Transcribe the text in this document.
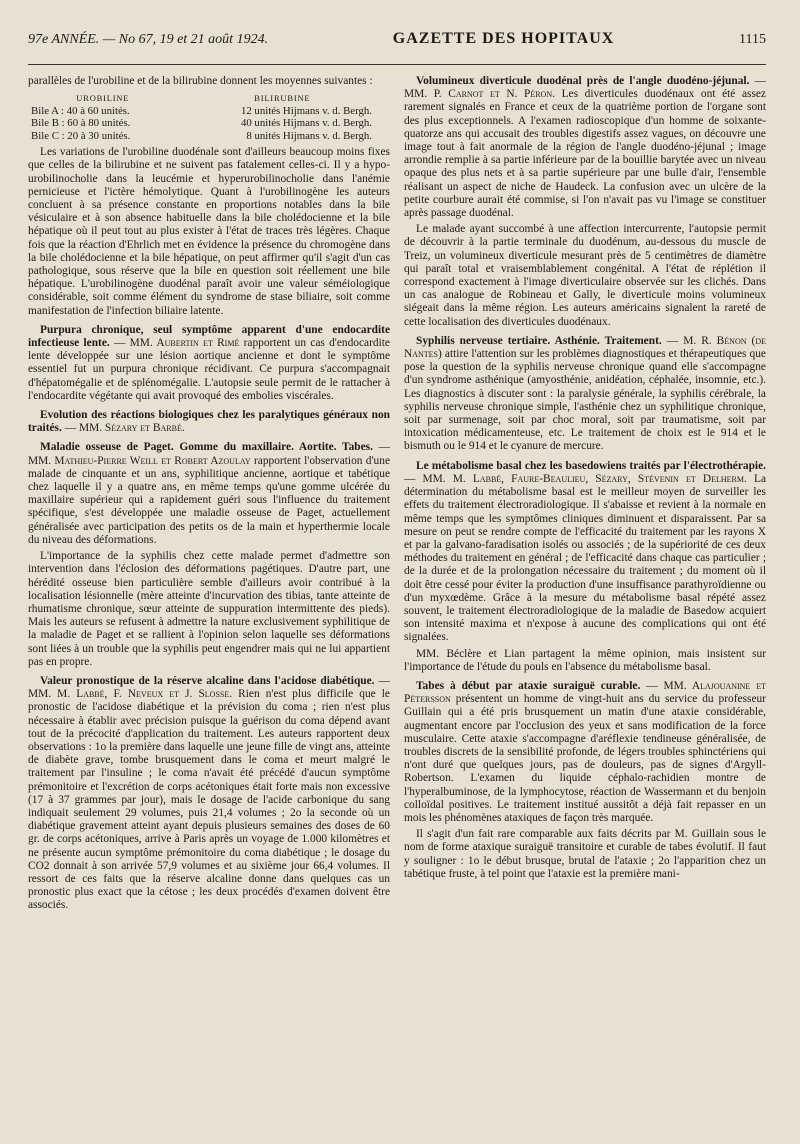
97e ANNÉE. — No 67, 19 et 21 août 1924.	GAZETTE DES HOPITAUX	1115

parallèles de l'urobiline et de la bilirubine donnent les moyennes suivantes :

UROBILINE	BILIRUBINE
Bile A : 40 à 60 unités.	12 unités Hijmans v. d. Bergh.
Bile B : 60 à 80 unités.	40 unités Hijmans v. d. Bergh.
Bile C : 20 à 30 unités.	8 unités Hijmans v. d. Bergh.

Les variations de l'urobiline duodénale sont d'ailleurs beaucoup moins fixes que celles de la bilirubine et ne suivent pas fatalement celles-ci. Il y a hypo-urobilinocholie dans la leucémie et hyperurobilinocholie dans l'anémie pernicieuse et l'ictère hémolytique. Quant à l'urobilinogène les auteurs concluent à sa présence constante en proportions notables dans la bile vésiculaire et à son absence habituelle dans la bile cholédocienne et la bile hépatique où il peut tout au plus exister à l'état de traces très légères. Chaque fois que la réaction d'Ehrlich met en évidence la présence du chromogène dans la bile cholédocienne et la bile hépatique, on peut affirmer qu'il s'agit d'un cas pathologique, sous réserve que la bile en question soit réellement une bile hépatique. L'urobilinogène duodénal paraît avoir une valeur séméiologique considérable, soit comme élément du syndrome de stase biliaire, soit comme manifestation de l'infection biliaire latente.

Purpura chronique, seul symptôme apparent d'une endocardite infectieuse lente. — MM. Aubertin et Rimé rapportent un cas d'endocardite lente développée sur une lésion aortique ancienne et dont le symptôme essentiel fut un purpura chronique récidivant. Ce purpura s'accompagnait d'hépatomégalie et de splénomégalie. L'autopsie seule permit de le rattacher à l'endocardite végétante qui avait provoqué des embolies viscérales.

Evolution des réactions biologiques chez les paralytiques généraux non traités. — MM. Sézary et Barbé.

Maladie osseuse de Paget. Gomme du maxillaire. Aortite. Tabes. — MM. Mathieu-Pierre Weill et Robert Azoulay rapportent l'observation d'une malade de cinquante et un ans, syphilitique ancienne, aortique et tabétique chez laquelle il y a quatre ans, en même temps qu'une gomme ulcérée du maxillaire supérieur qui a rapidement guéri sous l'influence du traitement spécifique, s'est développée une maladie osseuse de Paget, actuellement généralisée avec participation des petits os de la main et hyperthermie locale du niveau des déformations.

L'importance de la syphilis chez cette malade permet d'admettre son intervention dans l'éclosion des déformations pagétiques. D'autre part, une hérédité osseuse bien particulière semble d'ailleurs avoir contribué à la localisation lésionnelle (mère atteinte d'incurvation des tibias, tante atteinte de rhumatisme chronique, sœur atteinte de suppuration intermittente des pieds). Mais les auteurs se refusent à admettre la nature exclusivement syphilitique de la maladie de Paget et se rallient à l'opinion selon laquelle ses déformations sont liées à un trouble que la syphilis peut engendrer mais qui ne lui appartient pas en propre.

Valeur pronostique de la réserve alcaline dans l'acidose diabétique. — MM. M. Labbé, F. Neveux et J. Slosse. Rien n'est plus difficile que le pronostic de l'acidose diabétique et la prévision du coma ; rien n'est plus nécessaire à établir avec précision puisque la guérison du coma dépend avant tout de la précocité d'application du traitement. Les auteurs rapportent deux observations : 1o la première dans laquelle une jeune fille de vingt ans, atteinte de diabète grave, tombe brusquement dans le coma et meurt malgré le traitement par l'insuline ; le coma n'avait été précédé d'aucun symptôme prémonitoire et l'excrétion de corps acétoniques était forte mais non excessive (17 à 37 grammes par jour), mais le dosage de l'acide carbonique du sang indiquait seulement 29 volumes, puis 21,4 volumes ; 2o la seconde où un diabétique gravement atteint ayant depuis plusieurs semaines des doses de 60 gr. de corps acétoniques, arrive à Paris après un voyage de 1.000 kilomètres et ne présente aucun symptôme prémonitoire du coma diabétique ; le dosage du CO2 donnait à son arrivée 57,9 volumes et au sixième jour 66,4 volumes. Il ressort de ces faits que la réserve alcaline donne dans quelques cas un pronostic plus exact que la cétose ; les deux procédés d'examen doivent être associés.

Volumineux diverticule duodénal près de l'angle duodéno-jéjunal. — MM. P. Carnot et N. Péron. Les diverticules duodénaux ont été assez rarement signalés en France et ceux de la quatrième portion de l'organe sont des plus exceptionnels. A l'examen radioscopique d'un homme de soixante-quatorze ans qui accusait des troubles digestifs assez vagues, on découvre une image tout à fait anormale de la région de l'angle duodéno-jéjunal ; image arrondie remplie à sa partie inférieure par de la bouillie barytée avec un niveau opaque des plus nets et à sa partie supérieure par une bulle d'air, l'ensemble réalisant un aspect de niche de Haudeck. La confusion avec un ulcère de la petite courbure aurait été commise, si l'on n'avait pas vu l'image se constituer après passage duodénal.

Le malade ayant succombé à une affection intercurrente, l'autopsie permit de découvrir à la partie terminale du duodénum, au-dessous du muscle de Treiz, un volumineux diverticule mesurant près de 5 centimètres de diamètre qui paraît total et vraisemblablement congénital. A l'état de réplétion il correspond exactement à l'image diverticulaire observée sur les clichés. Dans un cas analogue de Robineau et Gally, le diverticule moins volumineux siégeait dans la même région. Les auteurs américains signalent la rareté de cette localisation des diverticules duodénaux.

Syphilis nerveuse tertiaire. Asthénie. Traitement. — M. R. Bénon (de Nantes) attire l'attention sur les problèmes diagnostiques et thérapeutiques que pose la question de la syphilis nerveuse chronique quand elle s'accompagne d'un syndrome asthénique (amyosthénie, anidéation, céphalée, insomnie, etc.). Les diagnostics à discuter sont : la paralysie générale, la syphilis cérébrale, la syphilis nerveuse chronique simple, l'asthénie chez un syphilitique chronique, soit par surmenage, soit par choc moral, soit par traumatisme, soit par intoxication médicamenteuse, etc. Le traitement de choix est le 914 et le bismuth ou le 914 et le cyanure de mercure.

Le métabolisme basal chez les basedowiens traités par l'électrothérapie. — MM. M. Labbé, Faure-Beaulieu, Sézary, Stévenin et Delherm. La détermination du métabolisme basal est le meilleur moyen de surveiller les effets du traitement électroradiologique. Il s'abaisse et revient à la normale en même temps que les symptômes cliniques diminuent et disparaissent. Par sa mesure on peut se rendre compte de l'efficacité du traitement par les rayons X et par la galvano-faradisation isolés ou associés ; de la supériorité de ces deux méthodes du traitement en général ; de l'efficacité dans chaque cas particulier ; de la durée et de la prolongation nécessaire du traitement ; du moment où il doit être cessé pour éviter la production d'une insuffisance parathyroïdienne ou d'un myxœdème. Grâce à la mesure du métabolisme basal répété assez souvent, le traitement électroradiologique de la maladie de Basedow acquiert son intensité maxima et n'expose à aucune des complications qui ont été signalées.

MM. Béclère et Lian partagent la même opinion, mais insistent sur l'importance de l'étude du pouls en l'absence du métabolisme basal.

Tabes à début par ataxie suraiguë curable. — MM. Alajouanine et Pétersson présentent un homme de vingt-huit ans du service du professeur Guillain qui a été pris brusquement un matin d'une ataxie considérable, augmentant encore par l'occlusion des yeux et sans modification de la force musculaire. Cette ataxie s'accompagne d'aréflexie tendineuse généralisée, de troubles discrets de la sensibilité profonde, de légers troubles sphinctériens qui n'ont duré que quelques jours, pas de douleurs, pas de signes d'Argyll-Robertson. L'examen du liquide céphalo-rachidien montre de l'hyperalbuminose, de la lymphocytose, réaction de Wassermann et du benjoin colloïdal positives. Le traitement institué aussitôt a déjà fait repasser en un mois les phénomènes ataxiques de façon très marquée.

Il s'agit d'un fait rare comparable aux faits décrits par M. Guillain sous le nom de forme ataxique suraiguë transitoire et curable de tabes évolutif. Il faut y souligner : 1o le début brusque, brutal de l'ataxie ; 2o l'apparition chez un tabétique fruste, à tel point que l'ataxie est la première mani-
